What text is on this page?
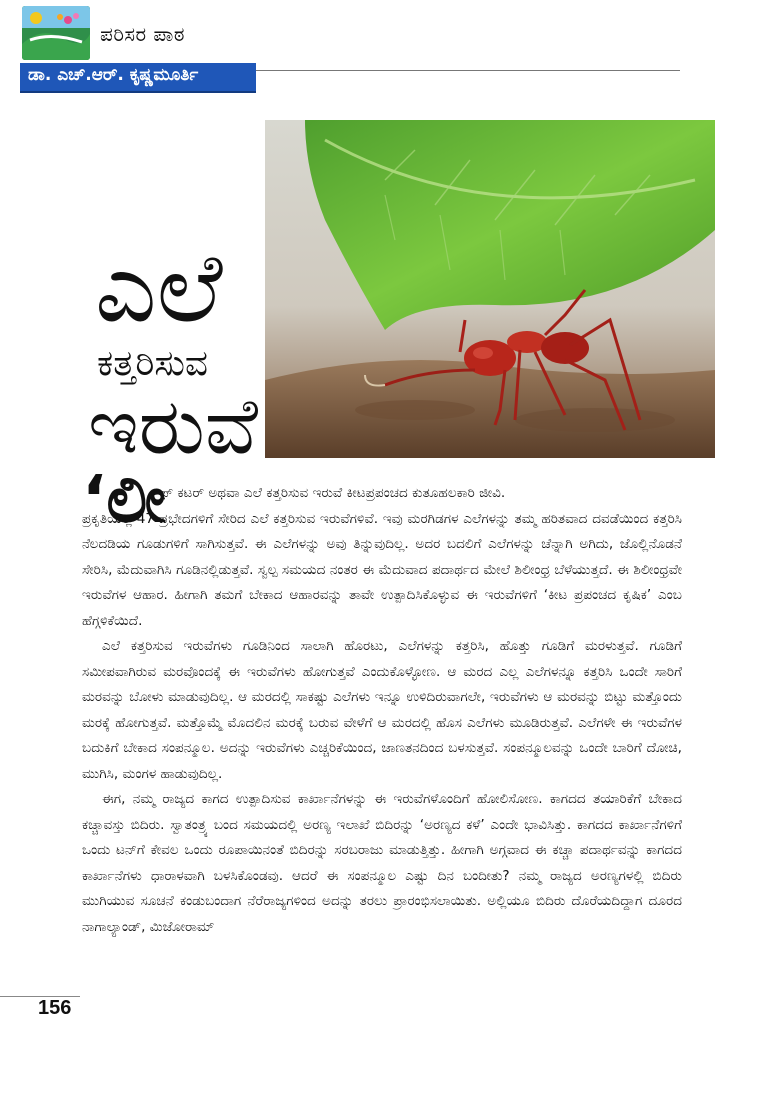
ಪರಿಸರ ಪಾಠ
ಡಾ. ಎಚ್.ಆರ್. ಕೃಷ್ಣಮೂರ್ತಿ
ಎಲೆ
ಕತ್ತರಿಸುವ
ಇರುವೆ
‘ಲೀ

ಫ್ ಕಟರ್ ಅಥವಾ ಎಲೆ ಕತ್ತರಿಸುವ ಇರುವೆ ಕೀಟಪ್ರಪಂಚದ ಕುತೂಹಲಕಾರಿ ಜೀವಿ.

ಪ್ರಕೃತಿಯಲ್ಲಿ 47 ಪ್ರಭೇದಗಳಿಗೆ ಸೇರಿದ ಎಲೆ ಕತ್ತರಿಸುವ ಇರುವೆಗಳಿವೆ. ಇವು ಮರಗಿಡಗಳ ಎಲೆಗಳನ್ನು ತಮ್ಮ ಹರಿತವಾದ ದವಡೆಯಿಂದ ಕತ್ತರಿಸಿ ನೆಲದಡಿಯ ಗೂಡುಗಳಿಗೆ ಸಾಗಿಸುತ್ತವೆ. ಈ ಎಲೆಗಳನ್ನು ಅವು ತಿನ್ನುವುದಿಲ್ಲ. ಅದರ ಬದಲಿಗೆ ಎಲೆಗಳನ್ನು ಚೆನ್ನಾಗಿ ಅಗಿದು, ಜೊಲ್ಲಿನೊಡನೆ ಸೇರಿಸಿ, ಮೆದುವಾಗಿಸಿ ಗೂಡಿನಲ್ಲಿಡುತ್ತವೆ. ಸ್ವಲ್ಪ ಸಮಯದ ನಂತರ ಈ ಮೆದುವಾದ ಪದಾರ್ಥದ ಮೇಲೆ ಶಿಲೀಂಧ್ರ ಬೆಳೆಯುತ್ತದೆ. ಈ ಶಿಲೀಂಧ್ರವೇ ಇರುವೆಗಳ ಆಹಾರ. ಹೀಗಾಗಿ ತಮಗೆ ಬೇಕಾದ ಆಹಾರವನ್ನು ತಾವೇ ಉತ್ಪಾದಿಸಿಕೊಳ್ಳುವ ಈ ಇರುವೆಗಳಿಗೆ ‘ಕೀಟ ಪ್ರಪಂಚದ ಕೃಷಿಕ’ ಎಂಬ ಹೆಗ್ಗಳಿಕೆಯಿದೆ.

ಎಲೆ ಕತ್ತರಿಸುವ ಇರುವೆಗಳು ಗೂಡಿನಿಂದ ಸಾಲಾಗಿ ಹೊರಟು, ಎಲೆಗಳನ್ನು ಕತ್ತರಿಸಿ, ಹೊತ್ತು ಗೂಡಿಗೆ ಮರಳುತ್ತವೆ. ಗೂಡಿಗೆ ಸಮೀಪವಾಗಿರುವ ಮರವೊಂದಕ್ಕೆ ಈ ಇರುವೆಗಳು ಹೋಗುತ್ತವೆ ಎಂದುಕೊಳ್ಳೋಣ. ಆ ಮರದ ಎಲ್ಲ ಎಲೆಗಳನ್ನೂ ಕತ್ತರಿಸಿ ಒಂದೇ ಸಾರಿಗೆ ಮರವನ್ನು ಬೋಳು ಮಾಡುವುದಿಲ್ಲ. ಆ ಮರದಲ್ಲಿ ಸಾಕಷ್ಟು ಎಲೆಗಳು ಇನ್ನೂ ಉಳಿದಿರುವಾಗಲೇ, ಇರುವೆಗಳು ಆ ಮರವನ್ನು ಬಿಟ್ಟು ಮತ್ತೊಂದು ಮರಕ್ಕೆ ಹೋಗುತ್ತವೆ. ಮತ್ತೊಮ್ಮೆ ಮೊದಲಿನ ಮರಕ್ಕೆ ಬರುವ ವೇಳೆಗೆ ಆ ಮರದಲ್ಲಿ ಹೊಸ ಎಲೆಗಳು ಮೂಡಿರುತ್ತವೆ. ಎಲೆಗಳೇ ಈ ಇರುವೆಗಳ ಬದುಕಿಗೆ ಬೇಕಾದ ಸಂಪನ್ಮೂಲ. ಅದನ್ನು ಇರುವೆಗಳು ಎಚ್ಚರಿಕೆಯಿಂದ, ಜಾಣತನದಿಂದ ಬಳಸುತ್ತವೆ. ಸಂಪನ್ಮೂಲವನ್ನು ಒಂದೇ ಬಾರಿಗೆ ದೋಚಿ, ಮುಗಿಸಿ, ಮಂಗಳ ಹಾಡುವುದಿಲ್ಲ.

ಈಗ, ನಮ್ಮ ರಾಜ್ಯದ ಕಾಗದ ಉತ್ಪಾದಿಸುವ ಕಾರ್ಖಾನೆಗಳನ್ನು ಈ ಇರುವೆಗಳೊಂದಿಗೆ ಹೋಲಿಸೋಣ. ಕಾಗದದ ತಯಾರಿಕೆಗೆ ಬೇಕಾದ ಕಚ್ಚಾವಸ್ತು ಬಿದಿರು. ಸ್ವಾತಂತ್ರ್ಯ ಬಂದ ಸಮಯದಲ್ಲಿ ಅರಣ್ಯ ಇಲಾಖೆ ಬಿದಿರನ್ನು ‘ಅರಣ್ಯದ ಕಳೆ’ ಎಂದೇ ಭಾವಿಸಿತ್ತು. ಕಾಗದದ ಕಾರ್ಖಾನೆಗಳಿಗೆ ಒಂದು ಟನ್‌ಗೆ ಕೇವಲ ಒಂದು ರೂಪಾಯಿನಂತೆ ಬಿದಿರನ್ನು ಸರಬರಾಜು ಮಾಡುತ್ತಿತ್ತು. ಹೀಗಾಗಿ ಅಗ್ಗವಾದ ಈ ಕಚ್ಚಾ ಪದಾರ್ಥವನ್ನು ಕಾಗದದ ಕಾರ್ಖಾನೆಗಳು ಧಾರಾಳವಾಗಿ ಬಳಸಿಕೊಂಡವು. ಆದರೆ ಈ ಸಂಪನ್ಮೂಲ ಎಷ್ಟು ದಿನ ಬಂದೀತು? ನಮ್ಮ ರಾಜ್ಯದ ಅರಣ್ಯಗಳಲ್ಲಿ ಬಿದಿರು ಮುಗಿಯುವ ಸೂಚನೆ ಕಂಡುಬಂದಾಗ ನೆರೆರಾಜ್ಯಗಳಿಂದ ಅದನ್ನು ತರಲು ಪ್ರಾರಂಭಿಸಲಾಯಿತು. ಅಲ್ಲಿಯೂ ಬಿದಿರು ದೊರೆಯದಿದ್ದಾಗ ದೂರದ ನಾಗಾಲ್ಯಾಂಡ್, ಮಿಜೋರಾಮ್

156
